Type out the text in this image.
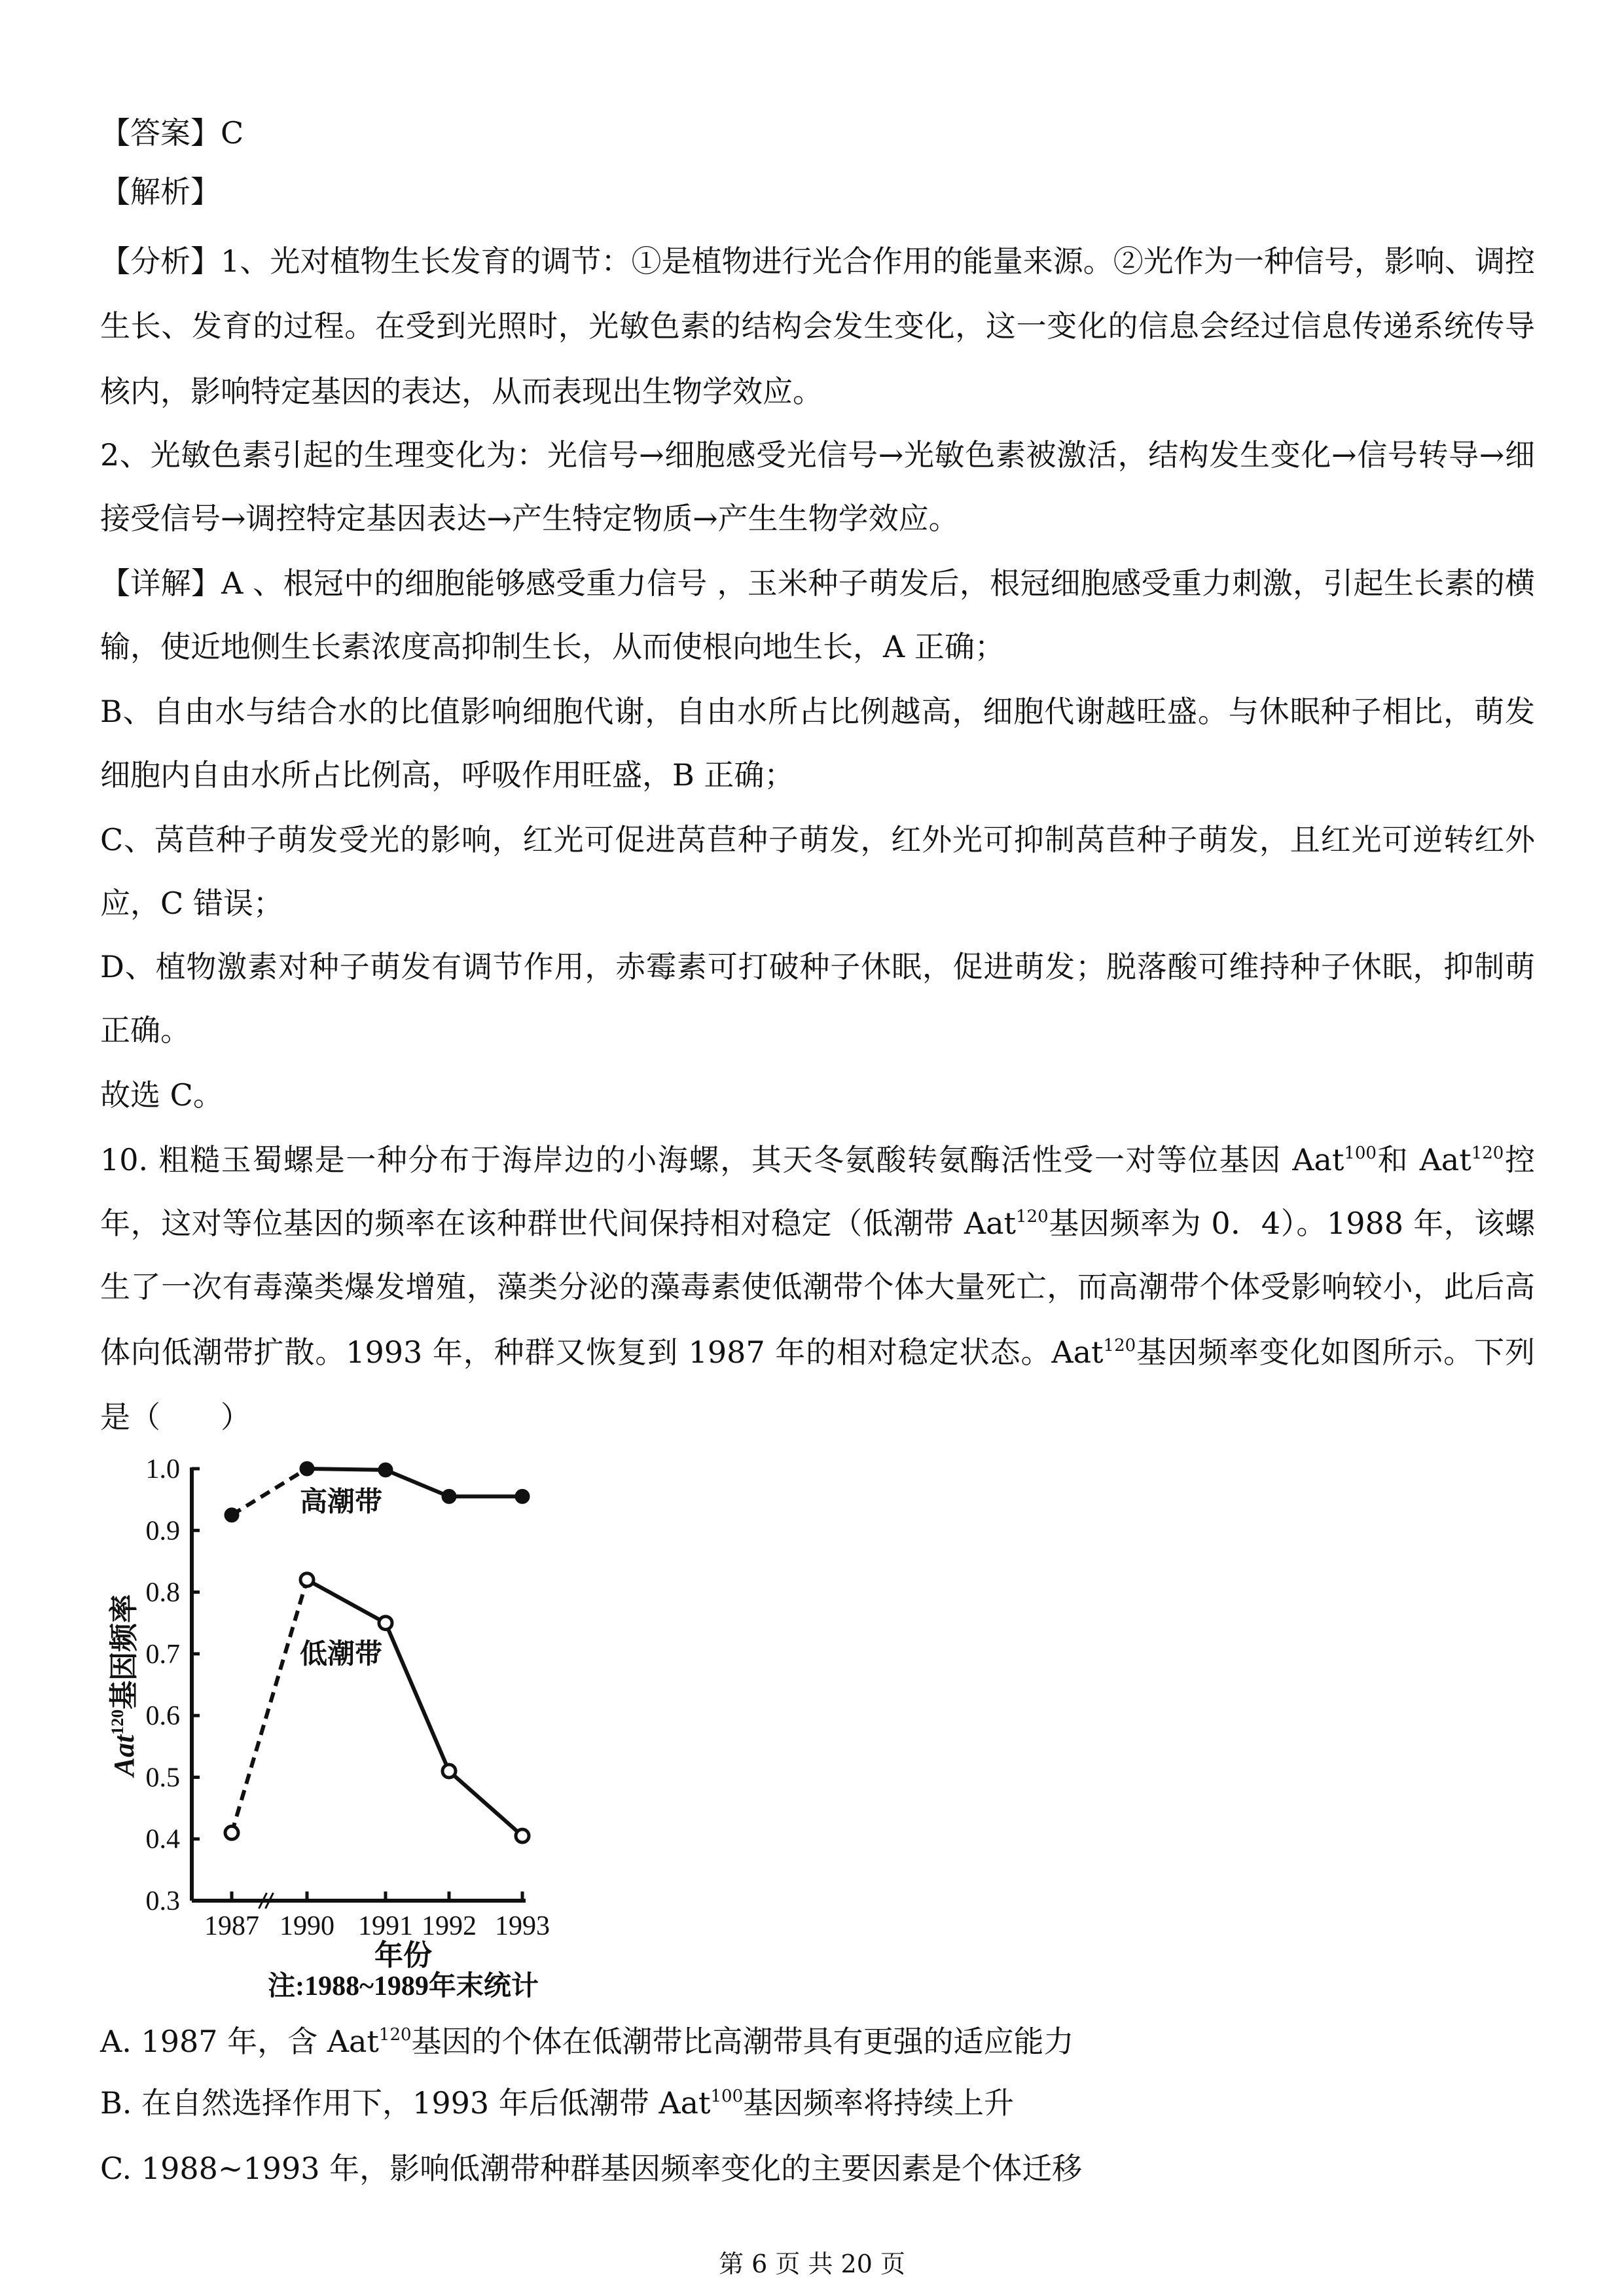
【答案】C
【解析】
【分析】1、光对植物生长发育的调节：①是植物进行光合作用的能量来源。②光作为一种信号，影响、调控
生长、发育的过程。在受到光照时，光敏色素的结构会发生变化，这一变化的信息会经过信息传递系统传导
核内，影响特定基因的表达，从而表现出生物学效应。
2、光敏色素引起的生理变化为：光信号→细胞感受光信号→光敏色素被激活，结构发生变化→信号转导→细
接受信号→调控特定基因表达→产生特定物质→产生生物学效应。
【详解】A 、根冠中的细胞能够感受重力信号 ，玉米种子萌发后，根冠细胞感受重力刺激，引起生长素的横
输，使近地侧生长素浓度高抑制生长，从而使根向地生长，A 正确；
B、自由水与结合水的比值影响细胞代谢，自由水所占比例越高，细胞代谢越旺盛。与休眠种子相比，萌发
细胞内自由水所占比例高，呼吸作用旺盛，B 正确；
C、莴苣种子萌发受光的影响，红光可促进莴苣种子萌发，红外光可抑制莴苣种子萌发，且红光可逆转红外
应，C 错误；
D、植物激素对种子萌发有调节作用，赤霉素可打破种子休眠，促进萌发；脱落酸可维持种子休眠，抑制萌
正确。
故选 C。
10. 粗糙玉蜀螺是一种分布于海岸边的小海螺，其天冬氨酸转氨酶活性受一对等位基因 Aat$^{100}$和 Aat$^{120}$控
年，这对等位基因的频率在该种群世代间保持相对稳定（低潮带 Aat$^{120}$基因频率为 0．4）。1988 年，该螺
生了一次有毒藻类爆发增殖，藻类分泌的藻毒素使低潮带个体大量死亡，而高潮带个体受影响较小，此后高
体向低潮带扩散。1993 年，种群又恢复到 1987 年的相对稳定状态。Aat$^{120}$基因频率变化如图所示。下列
是（　　）
A. 1987 年，含 Aat$^{120}$基因的个体在低潮带比高潮带具有更强的适应能力
B. 在自然选择作用下，1993 年后低潮带 Aat$^{100}$基因频率将持续上升
C. 1988~1993 年，影响低潮带种群基因频率变化的主要因素是个体迁移
0.3
0.4
0.5
0.6
0.7
0.8
0.9
1.0
1987 1990 1991 1992 1993
高潮带
低潮带
Aat$^{120}$基因频率
年份
注:1988~1989年末统计
第 6 页 共 20 页
